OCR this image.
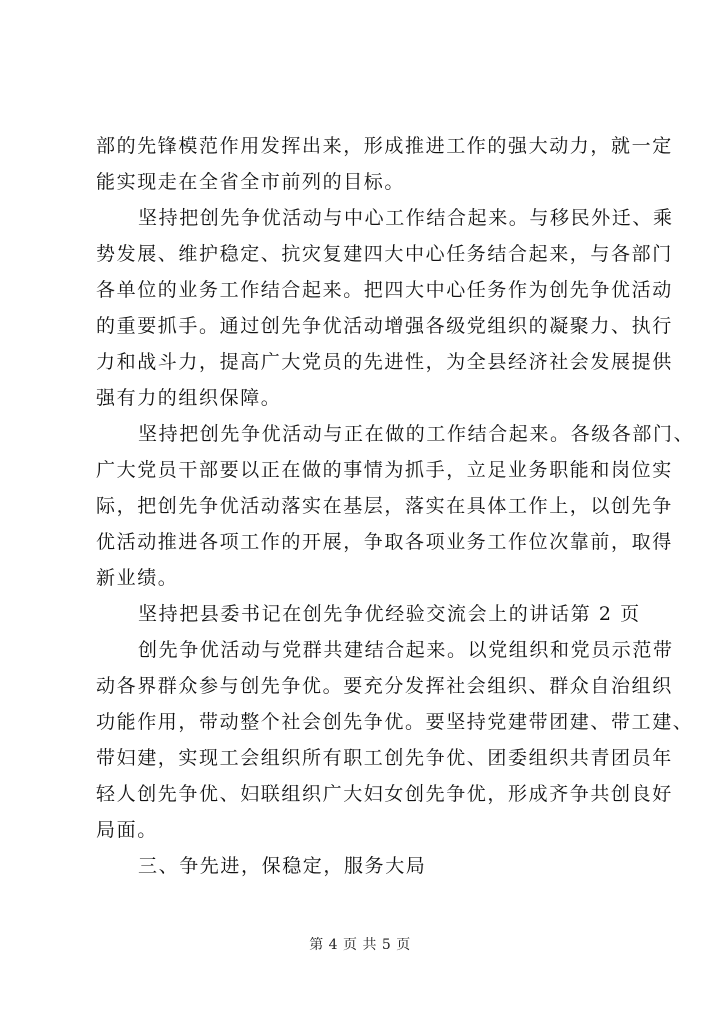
部的先锋模范作用发挥出来，形成推进工作的强大动力，就一定
能实现走在全省全市前列的目标。

坚持把创先争优活动与中心工作结合起来。与移民外迁、乘
势发展、维护稳定、抗灾复建四大中心任务结合起来，与各部门
各单位的业务工作结合起来。把四大中心任务作为创先争优活动
的重要抓手。通过创先争优活动增强各级党组织的凝聚力、执行
力和战斗力，提高广大党员的先进性，为全县经济社会发展提供
强有力的组织保障。

坚持把创先争优活动与正在做的工作结合起来。各级各部门、
广大党员干部要以正在做的事情为抓手，立足业务职能和岗位实
际，把创先争优活动落实在基层，落实在具体工作上，以创先争
优活动推进各项工作的开展，争取各项业务工作位次靠前，取得
新业绩。

坚持把县委书记在创先争优经验交流会上的讲话第 2 页

创先争优活动与党群共建结合起来。以党组织和党员示范带
动各界群众参与创先争优。要充分发挥社会组织、群众自治组织
功能作用，带动整个社会创先争优。要坚持党建带团建、带工建、
带妇建，实现工会组织所有职工创先争优、团委组织共青团员年
轻人创先争优、妇联组织广大妇女创先争优，形成齐争共创良好
局面。

三、争先进，保稳定，服务大局

第 4 页 共 5 页
